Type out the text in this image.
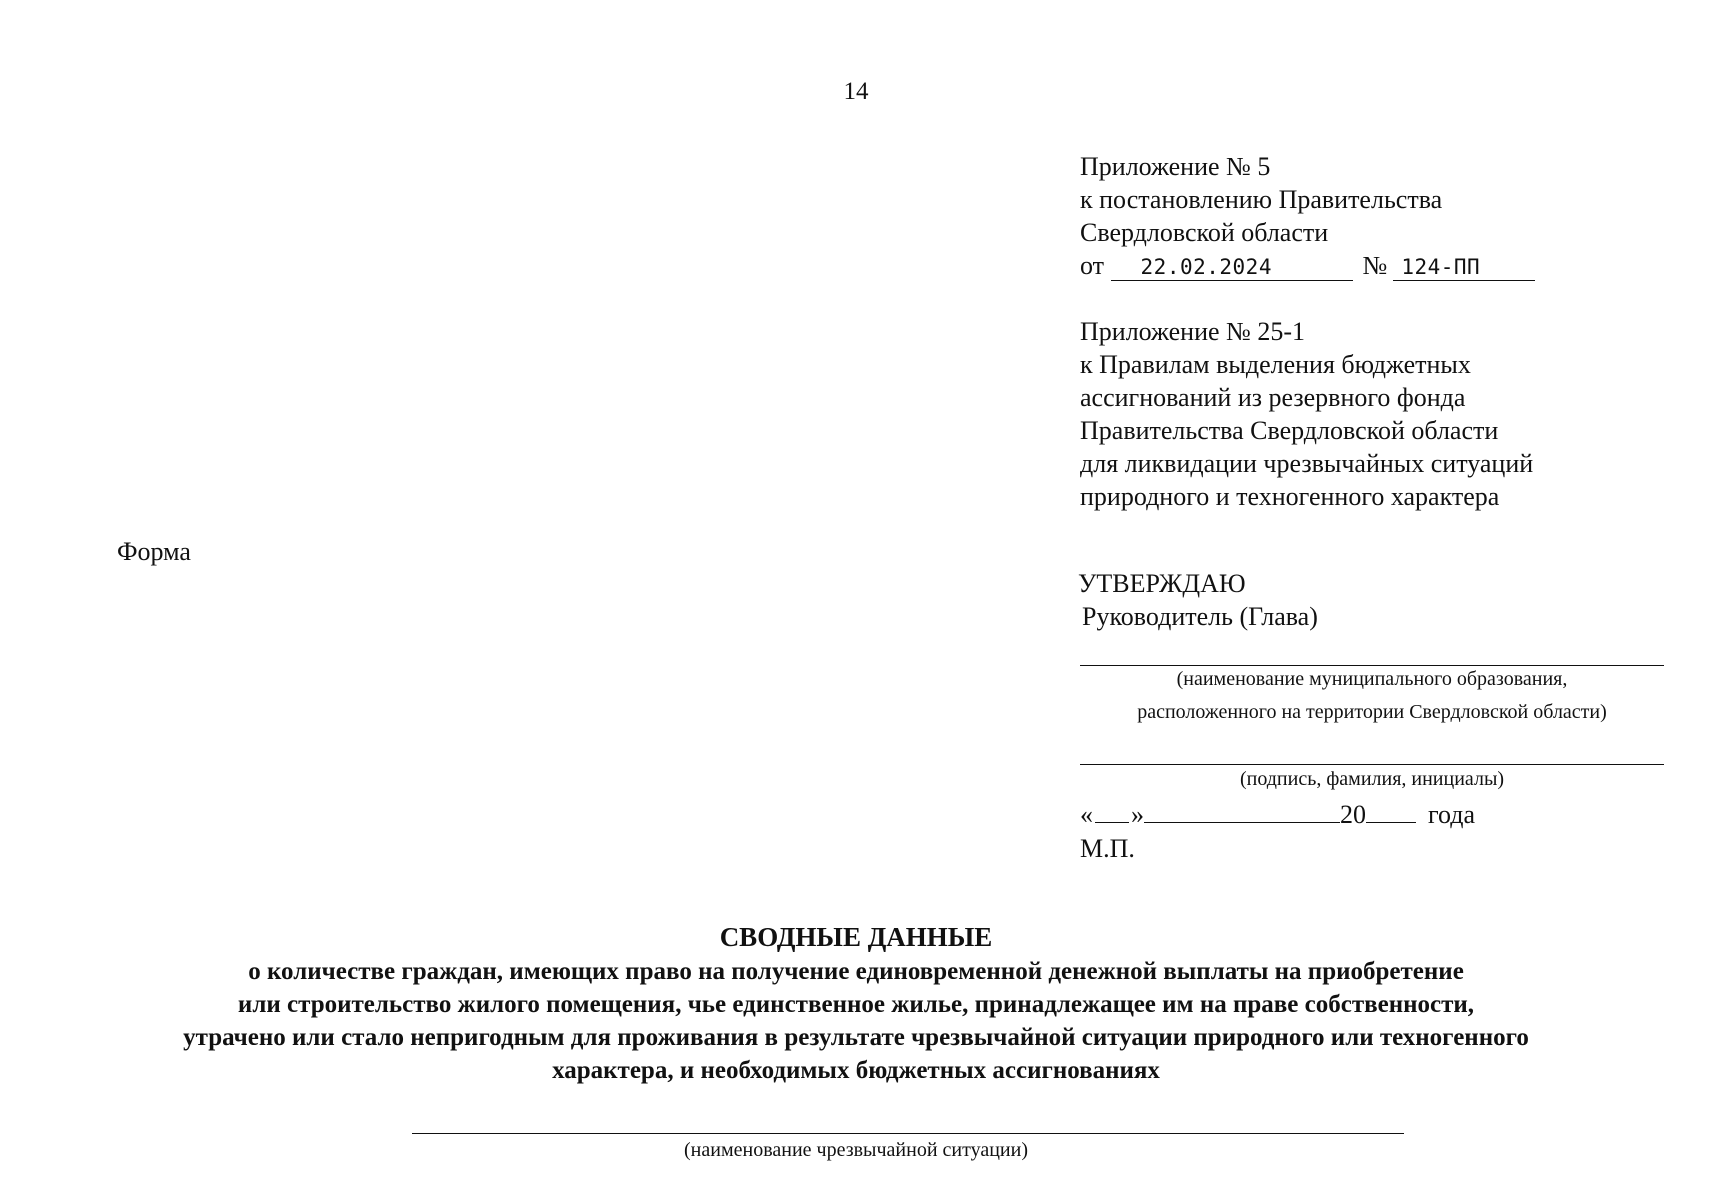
14
Приложение № 5
к постановлению Правительства
Свердловской области
от 22.02.2024	№ 124-ПП
Приложение № 25-1
к Правилам выделения бюджетных
ассигнований из резервного фонда
Правительства Свердловской области
для ликвидации чрезвычайных ситуаций
природного и техногенного характера
Форма
УТВЕРЖДАЮ
Руководитель (Глава)
(наименование муниципального образования,
расположенного на территории Свердловской области)
(подпись, фамилия, инициалы)
« »	20 года
М.П.
СВОДНЫЕ ДАННЫЕ
о количестве граждан, имеющих право на получение единовременной денежной выплаты на приобретение
или строительство жилого помещения, чье единственное жилье, принадлежащее им на праве собственности,
утрачено или стало непригодным для проживания в результате чрезвычайной ситуации природного или техногенного
характера, и необходимых бюджетных ассигнованиях
(наименование чрезвычайной ситуации)
